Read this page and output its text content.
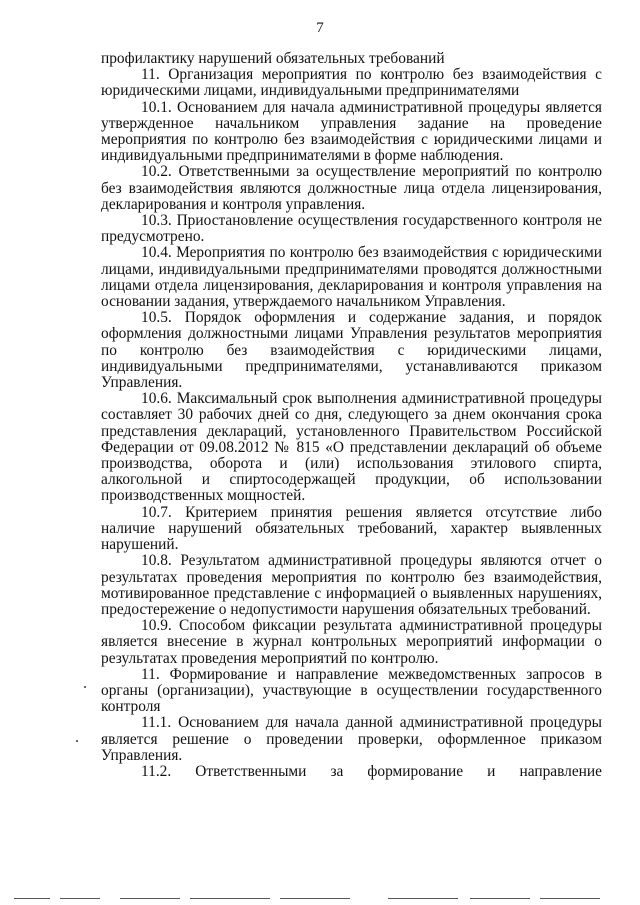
7

профилактику нарушений обязательных требований

11. Организация мероприятия по контролю без взаимодействия с юридическими лицами, индивидуальными предпринимателями

10.1. Основанием для начала административной процедуры является утвержденное начальником управления задание на проведение мероприятия по контролю без взаимодействия с юридическими лицами и индивидуальными предпринимателями в форме наблюдения.

10.2. Ответственными за осуществление мероприятий по контролю без взаимодействия являются должностные лица отдела лицензирования, декларирования и контроля управления.

10.3. Приостановление осуществления государственного контроля не предусмотрено.

10.4. Мероприятия по контролю без взаимодействия с юридическими лицами, индивидуальными предпринимателями проводятся должностными лицами отдела лицензирования, декларирования и контроля управления на основании задания, утверждаемого начальником Управления.

10.5. Порядок оформления и содержание задания, и порядок оформления должностными лицами Управления результатов мероприятия по контролю без взаимодействия с юридическими лицами, индивидуальными предпринимателями, устанавливаются приказом Управления.

10.6. Максимальный срок выполнения административной процедуры составляет 30 рабочих дней со дня, следующего за днем окончания срока представления деклараций, установленного Правительством Российской Федерации от 09.08.2012 № 815 «О представлении деклараций об объеме производства, оборота и (или) использования этилового спирта, алкогольной и спиртосодержащей продукции, об использовании производственных мощностей.

10.7. Критерием принятия решения является отсутствие либо наличие нарушений обязательных требований, характер выявленных нарушений.

10.8. Результатом административной процедуры являются отчет о результатах проведения мероприятия по контролю без взаимодействия, мотивированное представление с информацией о выявленных нарушениях, предостережение о недопустимости нарушения обязательных требований.

10.9. Способом фиксации результата административной процедуры является внесение в журнал контрольных мероприятий информации о результатах проведения мероприятий по контролю.

11. Формирование и направление межведомственных запросов в органы (организации), участвующие в осуществлении государственного контроля

11.1. Основанием для начала данной административной процедуры является решение о проведении проверки, оформленное приказом Управления.

11.2. Ответственными за формирование и направление
